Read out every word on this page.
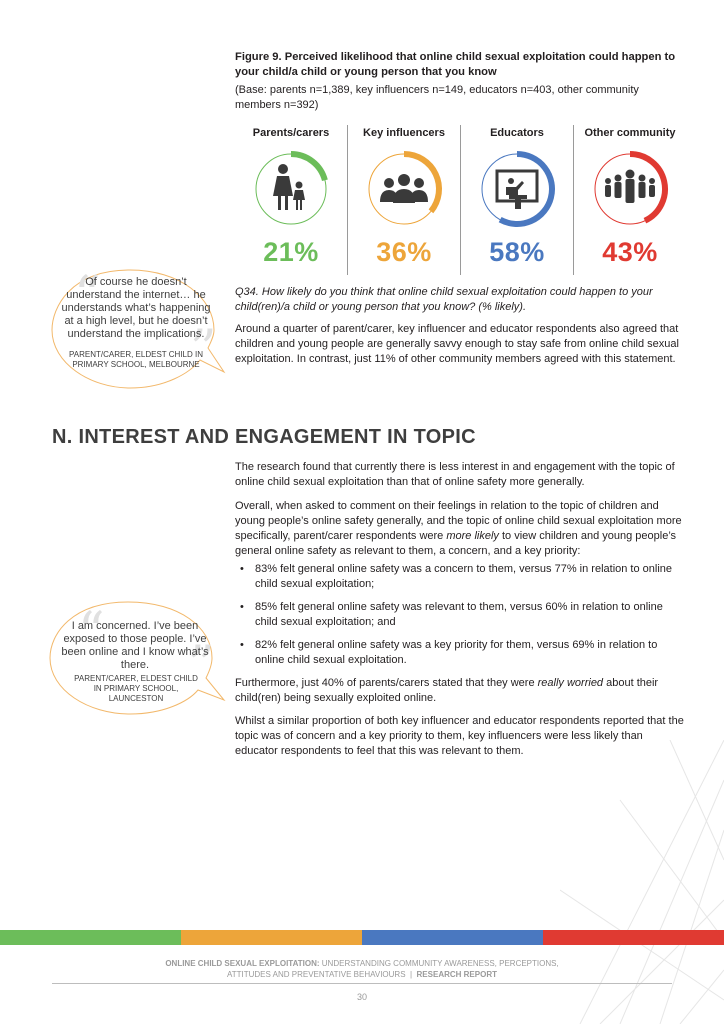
Figure 9. Perceived likelihood that online child sexual exploitation could happen to your child/a child or young person that you know
(Base: parents n=1,389, key influencers n=149, educators n=403, other community members n=392)
Parents/carers
21%
Key influencers
36%
Educators
58%
Other community
43%
Q34. How likely do you think that online child sexual exploitation could happen to your child(ren)/a child or young person that you know? (% likely).
Around a quarter of parent/carer, key influencer and educator respondents also agreed that children and young people are generally savvy enough to stay safe from online child sexual exploitation. In contrast, just 11% of other community members agreed with this statement.
“
”
Of course he doesn’t understand the internet… he understands what’s happening at a high level, but he doesn’t understand the implications.
PARENT/CARER, ELDEST CHILD IN PRIMARY SCHOOL, MELBOURNE
N. INTEREST AND ENGAGEMENT IN TOPIC
The research found that currently there is less interest in and engagement with the topic of online child sexual exploitation than that of online safety more generally.
Overall, when asked to comment on their feelings in relation to the topic of children and young people’s online safety generally, and the topic of online child sexual exploitation more specifically, parent/carer respondents were more likely to view children and young people’s general online safety as relevant to them, a concern, and a key priority:
• 83% felt general online safety was a concern to them, versus 77% in relation to online child sexual exploitation;
• 85% felt general online safety was relevant to them, versus 60% in relation to online child sexual exploitation; and
• 82% felt general online safety was a key priority for them, versus 69% in relation to online child sexual exploitation.
Furthermore, just 40% of parents/carers stated that they were really worried about their child(ren) being sexually exploited online.
Whilst a similar proportion of both key influencer and educator respondents reported that the topic was of concern and a key priority to them, key influencers were less likely than educator respondents to feel that this was relevant to them.
“
”
I am concerned. I’ve been exposed to those people. I’ve been online and I know what’s there.
PARENT/CARER, ELDEST CHILD IN PRIMARY SCHOOL, LAUNCESTON
ONLINE CHILD SEXUAL EXPLOITATION: UNDERSTANDING COMMUNITY AWARENESS, PERCEPTIONS,
ATTITUDES AND PREVENTATIVE BEHAVIOURS | RESEARCH REPORT
30
